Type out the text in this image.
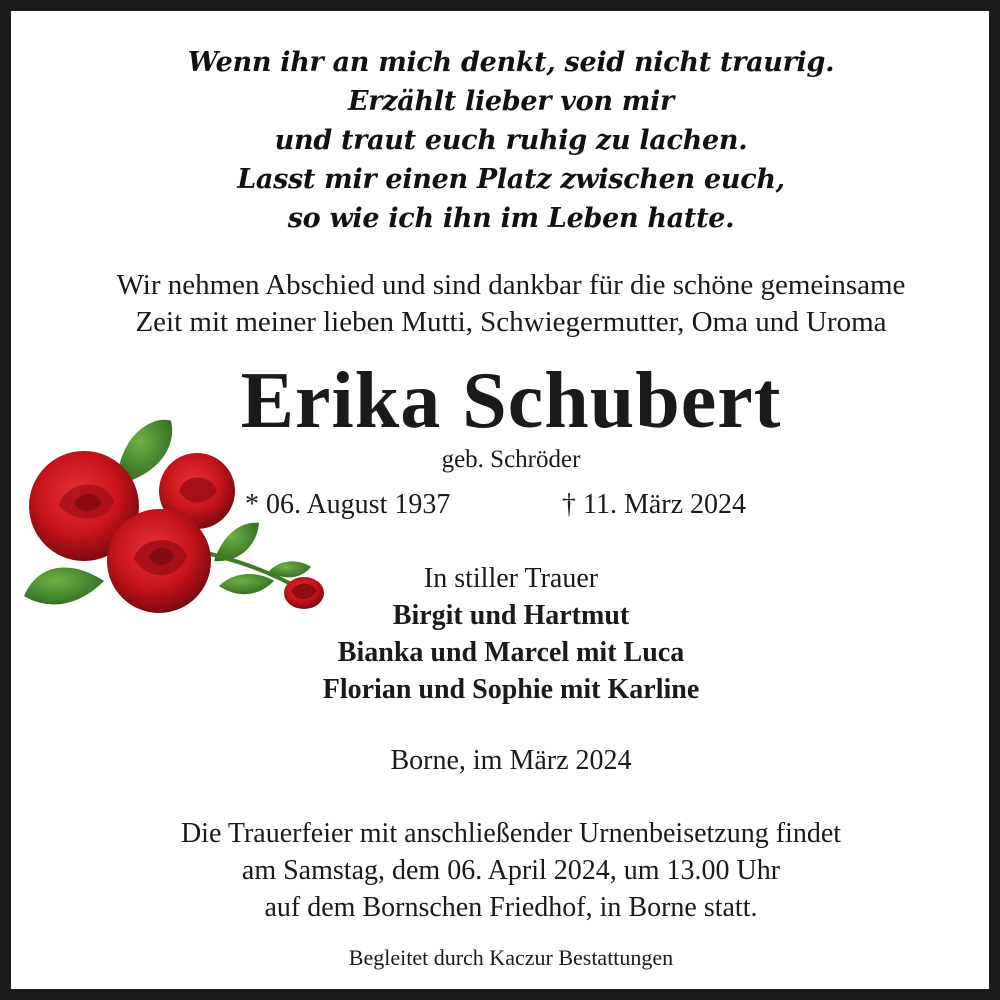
Wenn ihr an mich denkt, seid nicht traurig.
Erzählt lieber von mir
und traut euch ruhig zu lachen.
Lasst mir einen Platz zwischen euch,
so wie ich ihn im Leben hatte.
Wir nehmen Abschied und sind dankbar für die schöne gemeinsame
Zeit mit meiner lieben Mutti, Schwiegermutter, Oma und Uroma
Erika Schubert
geb. Schröder
* 06. August 1937	† 11. März 2024
In stiller Trauer
Birgit und Hartmut
Bianka und Marcel mit Luca
Florian und Sophie mit Karline
Borne, im März 2024
Die Trauerfeier mit anschließender Urnenbeisetzung findet
am Samstag, dem 06. April 2024, um 13.00 Uhr
auf dem Bornschen Friedhof, in Borne statt.
Begleitet durch Kaczur Bestattungen
